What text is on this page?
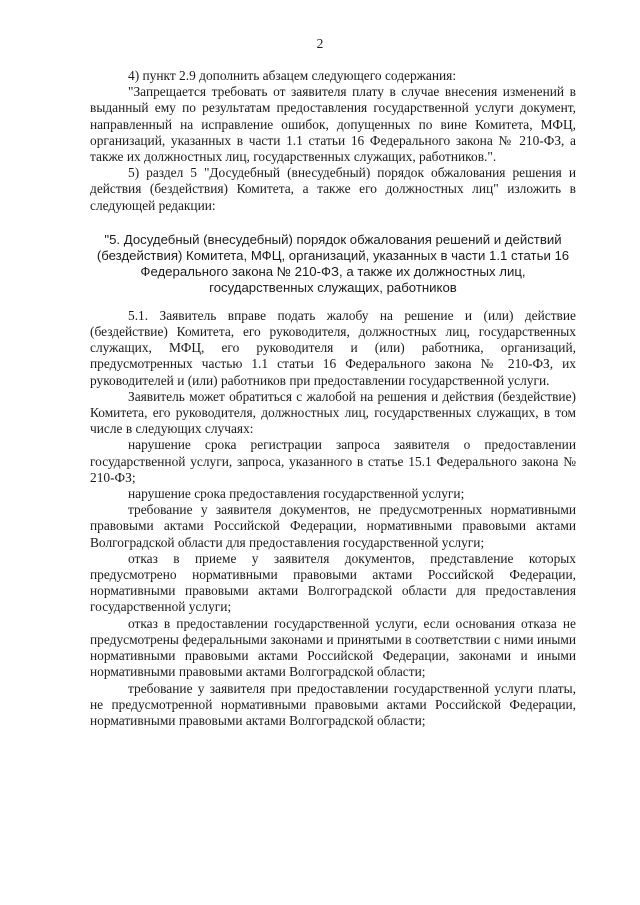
2

4) пункт 2.9 дополнить абзацем следующего содержания:

"Запрещается требовать от заявителя плату в случае внесения изменений в выданный ему по результатам предоставления государственной услуги документ, направленный на исправление ошибок, допущенных по вине Комитета, МФЦ, организаций, указанных в части 1.1 статьи 16 Федерального закона № 210-ФЗ, а также их должностных лиц, государственных служащих, работников.".

5) раздел 5 "Досудебный (внесудебный) порядок обжалования решения и действия (бездействия) Комитета, а также его должностных лиц" изложить в следующей редакции:

"5. Досудебный (внесудебный) порядок обжалования решений и действий (бездействия) Комитета, МФЦ, организаций, указанных в части 1.1 статьи 16 Федерального закона № 210-ФЗ, а также их должностных лиц, государственных служащих, работников

5.1. Заявитель вправе подать жалобу на решение и (или) действие (бездействие) Комитета, его руководителя, должностных лиц, государственных служащих, МФЦ, его руководителя и (или) работника, организаций, предусмотренных частью 1.1 статьи 16 Федерального закона № 210-ФЗ, их руководителей и (или) работников при предоставлении государственной услуги.

Заявитель может обратиться с жалобой на решения и действия (бездействие) Комитета, его руководителя, должностных лиц, государственных служащих, в том числе в следующих случаях:

нарушение срока регистрации запроса заявителя о предоставлении государственной услуги, запроса, указанного в статье 15.1 Федерального закона № 210-ФЗ;

нарушение срока предоставления государственной услуги;

требование у заявителя документов, не предусмотренных нормативными правовыми актами Российской Федерации, нормативными правовыми актами Волгоградской области для предоставления государственной услуги;

отказ в приеме у заявителя документов, представление которых предусмотрено нормативными правовыми актами Российской Федерации, нормативными правовыми актами Волгоградской области для предоставления государственной услуги;

отказ в предоставлении государственной услуги, если основания отказа не предусмотрены федеральными законами и принятыми в соответствии с ними иными нормативными правовыми актами Российской Федерации, законами и иными нормативными правовыми актами Волгоградской области;

требование у заявителя при предоставлении государственной услуги платы, не предусмотренной нормативными правовыми актами Российской Федерации, нормативными правовыми актами Волгоградской области;
